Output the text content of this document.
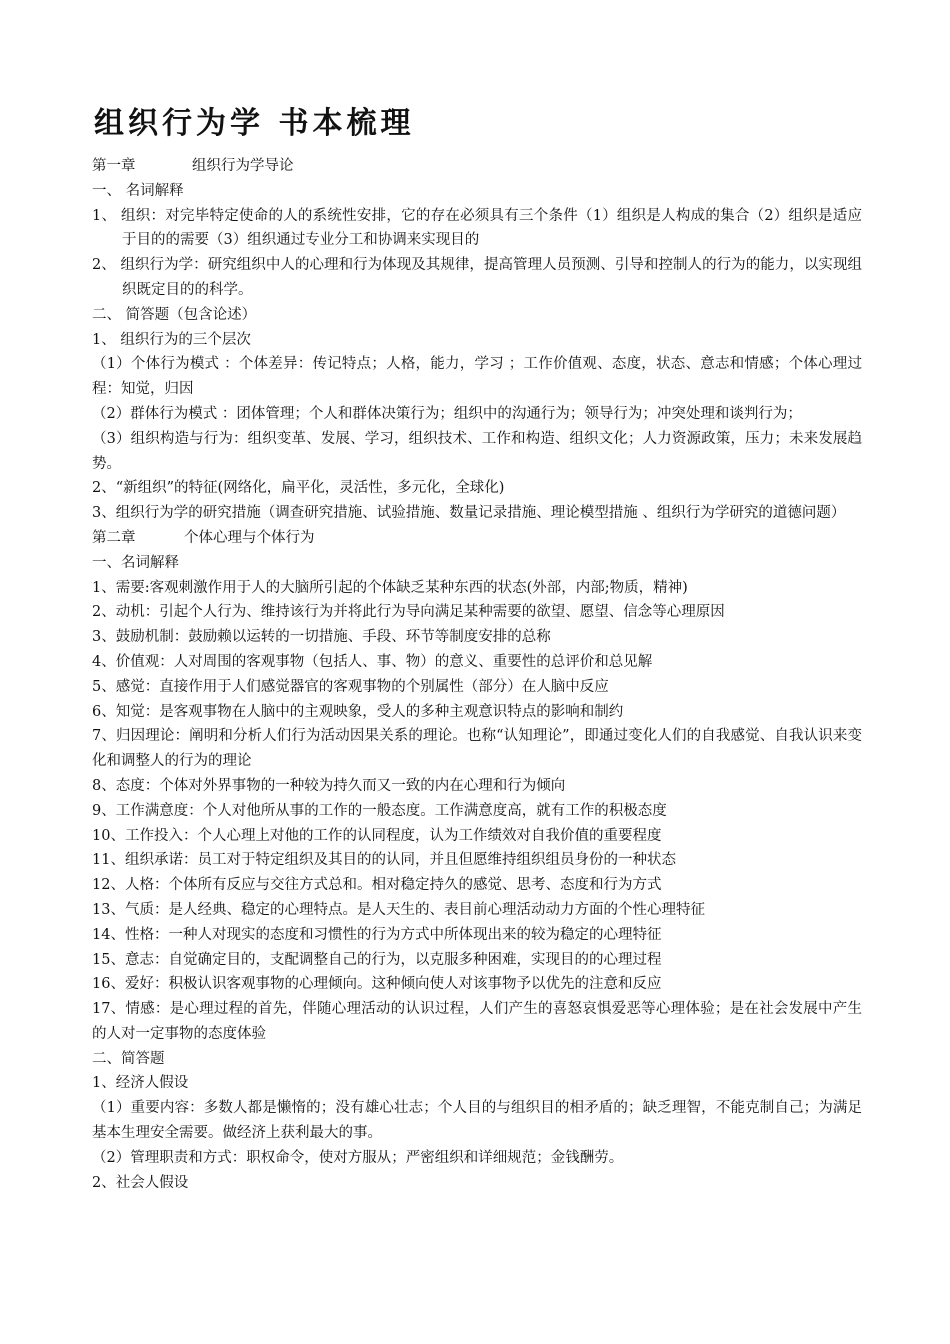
组织行为学 书本梳理
第一章	组织行为学导论
一、 名词解释
1、 组织：对完毕特定使命的人的系统性安排，它的存在必须具有三个条件（1）组织是人构成的集合（2）组织是适应于目的的需要（3）组织通过专业分工和协调来实现目的
2、 组织行为学：研究组织中人的心理和行为体现及其规律，提高管理人员预测、引导和控制人的行为的能力，以实现组织既定目的的科学。
二、 简答题（包含论述）
1、 组织行为的三个层次
（1）个体行为模式 ：个体差异：传记特点；人格，能力，学习 ；工作价值观、态度，状态、意志和情感；个体心理过程：知觉，归因
（2）群体行为模式 ：团体管理；个人和群体决策行为；组织中的沟通行为；领导行为；冲突处理和谈判行为；
（3）组织构造与行为：组织变革、发展、学习，组织技术、工作和构造、组织文化；人力资源政策，压力；未来发展趋势。
2、“新组织”的特征(网络化，扁平化，灵活性，多元化，全球化)
3、组织行为学的研究措施（调查研究措施、试验措施、数量记录措施、理论模型措施 、组织行为学研究的道德问题）
第二章	个体心理与个体行为
一、名词解释
1、需要:客观刺激作用于人的大脑所引起的个体缺乏某种东西的状态(外部，内部;物质，精神)
2、动机：引起个人行为、维持该行为并将此行为导向满足某种需要的欲望、愿望、信念等心理原因
3、鼓励机制：鼓励赖以运转的一切措施、手段、环节等制度安排的总称
4、价值观：人对周围的客观事物（包括人、事、物）的意义、重要性的总评价和总见解
5、感觉：直接作用于人们感觉器官的客观事物的个别属性（部分）在人脑中反应
6、知觉：是客观事物在人脑中的主观映象，受人的多种主观意识特点的影响和制约
7、归因理论：阐明和分析人们行为活动因果关系的理论。也称“认知理论”，即通过变化人们的自我感觉、自我认识来变化和调整人的行为的理论
8、态度：个体对外界事物的一种较为持久而又一致的内在心理和行为倾向
9、工作满意度：个人对他所从事的工作的一般态度。工作满意度高，就有工作的积极态度
10、工作投入：个人心理上对他的工作的认同程度，认为工作绩效对自我价值的重要程度
11、组织承诺：员工对于特定组织及其目的的认同，并且但愿维持组织组员身份的一种状态
12、人格：个体所有反应与交往方式总和。相对稳定持久的感觉、思考、态度和行为方式
13、气质：是人经典、稳定的心理特点。是人天生的、表目前心理活动动力方面的个性心理特征
14、性格：一种人对现实的态度和习惯性的行为方式中所体现出来的较为稳定的心理特征
15、意志：自觉确定目的，支配调整自己的行为，以克服多种困难，实现目的的心理过程
16、爱好：积极认识客观事物的心理倾向。这种倾向使人对该事物予以优先的注意和反应
17、情感：是心理过程的首先，伴随心理活动的认识过程，人们产生的喜怒哀惧爱恶等心理体验；是在社会发展中产生的人对一定事物的态度体验
二、简答题
1、经济人假设
（1）重要内容：多数人都是懒惰的；没有雄心壮志；个人目的与组织目的相矛盾的；缺乏理智，不能克制自己；为满足基本生理安全需要。做经济上获利最大的事。
（2）管理职责和方式：职权命令，使对方服从；严密组织和详细规范；金钱酬劳。
2、社会人假设
